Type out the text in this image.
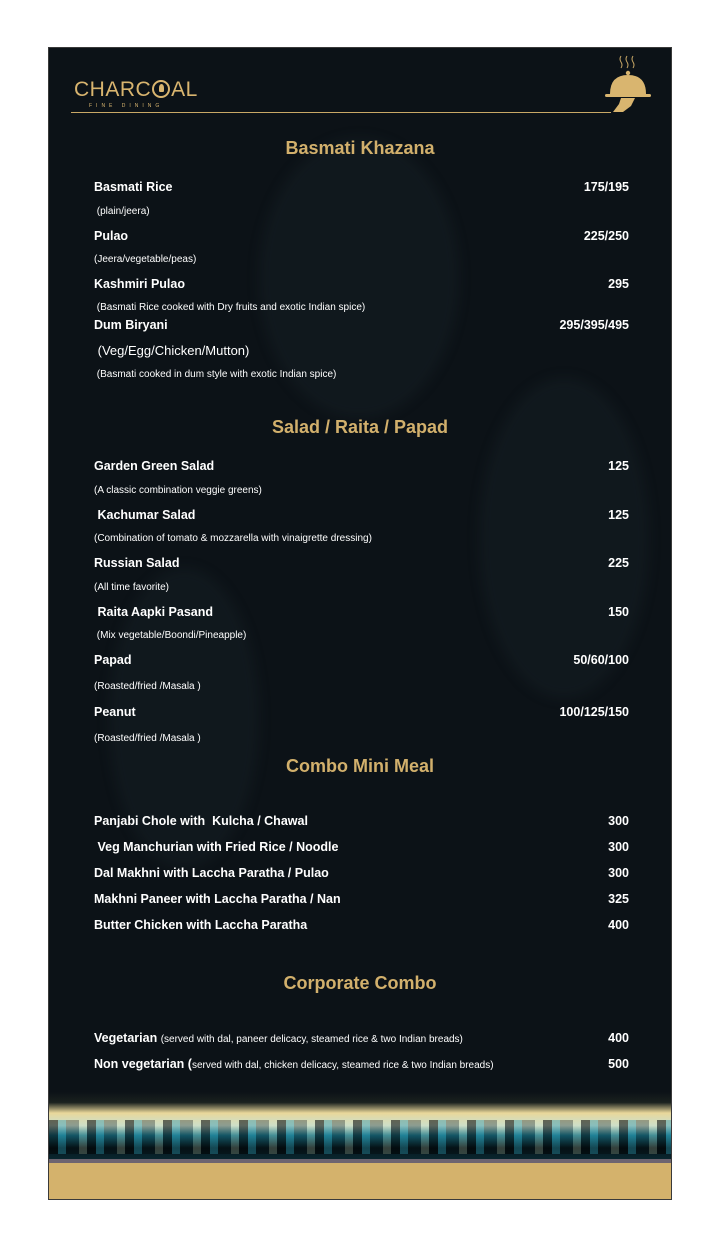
CHARC AL
FINE DINING
Basmati Khazana
Basmati Rice	175/195
(plain/jeera)
Pulao	225/250
(Jeera/vegetable/peas)
Kashmiri Pulao	295
(Basmati Rice cooked with Dry fruits and exotic Indian spice)
Dum Biryani	295/395/495
(Veg/Egg/Chicken/Mutton)
(Basmati cooked in dum style with exotic Indian spice)
Salad / Raita / Papad
Garden Green Salad	125
(A classic combination veggie greens)
Kachumar Salad	125
(Combination of tomato & mozzarella with vinaigrette dressing)
Russian Salad	225
(All time favorite)
Raita Aapki Pasand	150
(Mix vegetable/Boondi/Pineapple)
Papad	50/60/100
(Roasted/fried /Masala )
Peanut	100/125/150
(Roasted/fried /Masala )
Combo Mini Meal
Panjabi Chole with  Kulcha / Chawal	300
Veg Manchurian with Fried Rice / Noodle	300
Dal Makhni with Laccha Paratha / Pulao	300
Makhni Paneer with Laccha Paratha / Nan	325
Butter Chicken with Laccha Paratha	400
Corporate Combo
Vegetarian (served with dal, paneer delicacy, steamed rice & two Indian breads)	400
Non vegetarian (served with dal, chicken delicacy, steamed rice & two Indian breads)	500
